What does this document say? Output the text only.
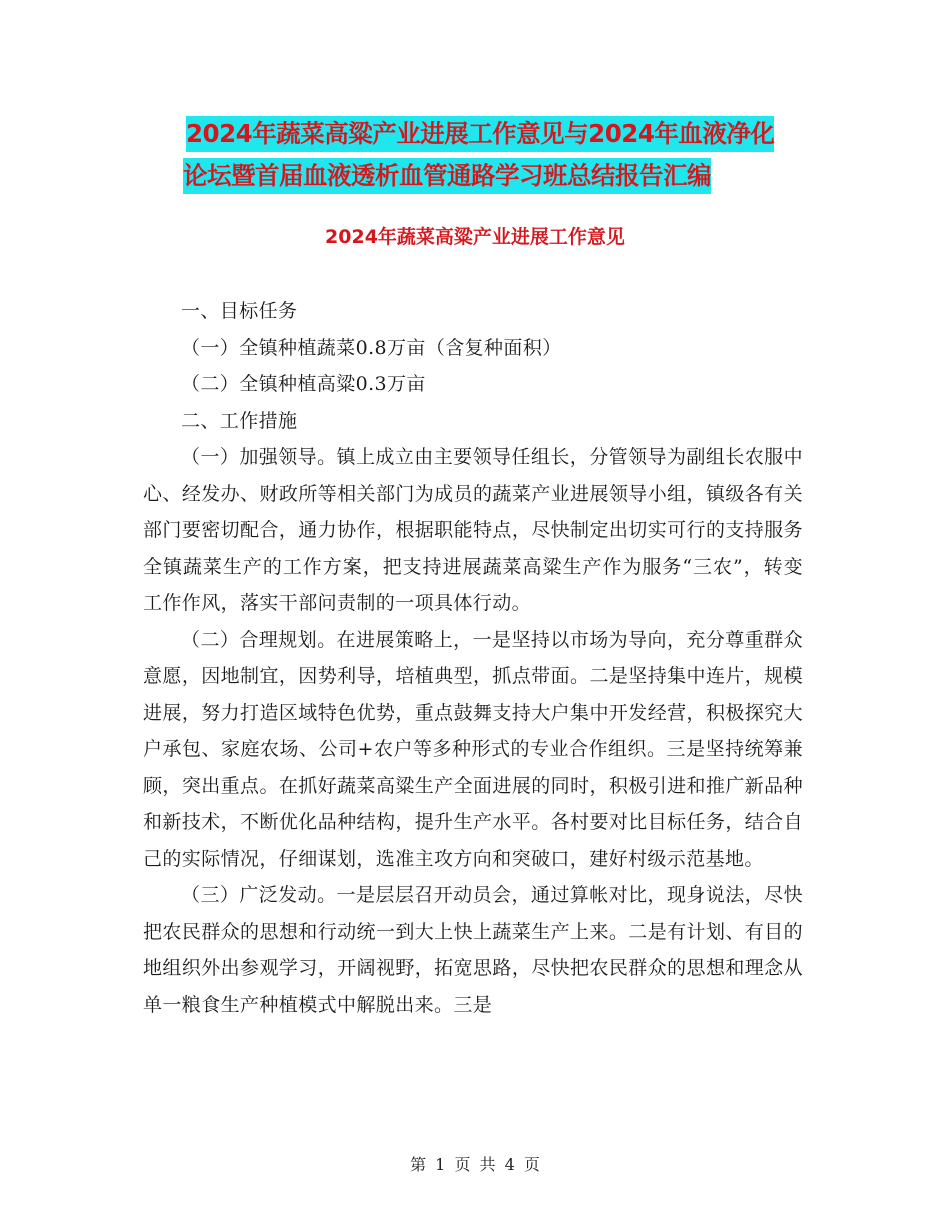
2024年蔬菜高粱产业进展工作意见与2024年血液净化
论坛暨首届血液透析血管通路学习班总结报告汇编
2024年蔬菜高粱产业进展工作意见

一、目标任务

（一）全镇种植蔬菜0.8万亩（含复种面积）

（二）全镇种植高粱0.3万亩

二、工作措施

（一）加强领导。镇上成立由主要领导任组长，分管领导为副组长农服中心、经发办、财政所等相关部门为成员的蔬菜产业进展领导小组，镇级各有关部门要密切配合，通力协作，根据职能特点，尽快制定出切实可行的支持服务全镇蔬菜生产的工作方案，把支持进展蔬菜高粱生产作为服务“三农”，转变工作作风，落实干部问责制的一项具体行动。

（二）合理规划。在进展策略上，一是坚持以市场为导向，充分尊重群众意愿，因地制宜，因势利导，培植典型，抓点带面。二是坚持集中连片，规模进展，努力打造区域特色优势，重点鼓舞支持大户集中开发经营，积极探究大户承包、家庭农场、公司+农户等多种形式的专业合作组织。三是坚持统筹兼顾，突出重点。在抓好蔬菜高粱生产全面进展的同时，积极引进和推广新品种和新技术，不断优化品种结构，提升生产水平。各村要对比目标任务，结合自己的实际情况，仔细谋划，选准主攻方向和突破口，建好村级示范基地。

（三）广泛发动。一是层层召开动员会，通过算帐对比，现身说法，尽快把农民群众的思想和行动统一到大上快上蔬菜生产上来。二是有计划、有目的地组织外出参观学习，开阔视野，拓宽思路，尽快把农民群众的思想和理念从单一粮食生产种植模式中解脱出来。三是

第 1 页 共 4 页
